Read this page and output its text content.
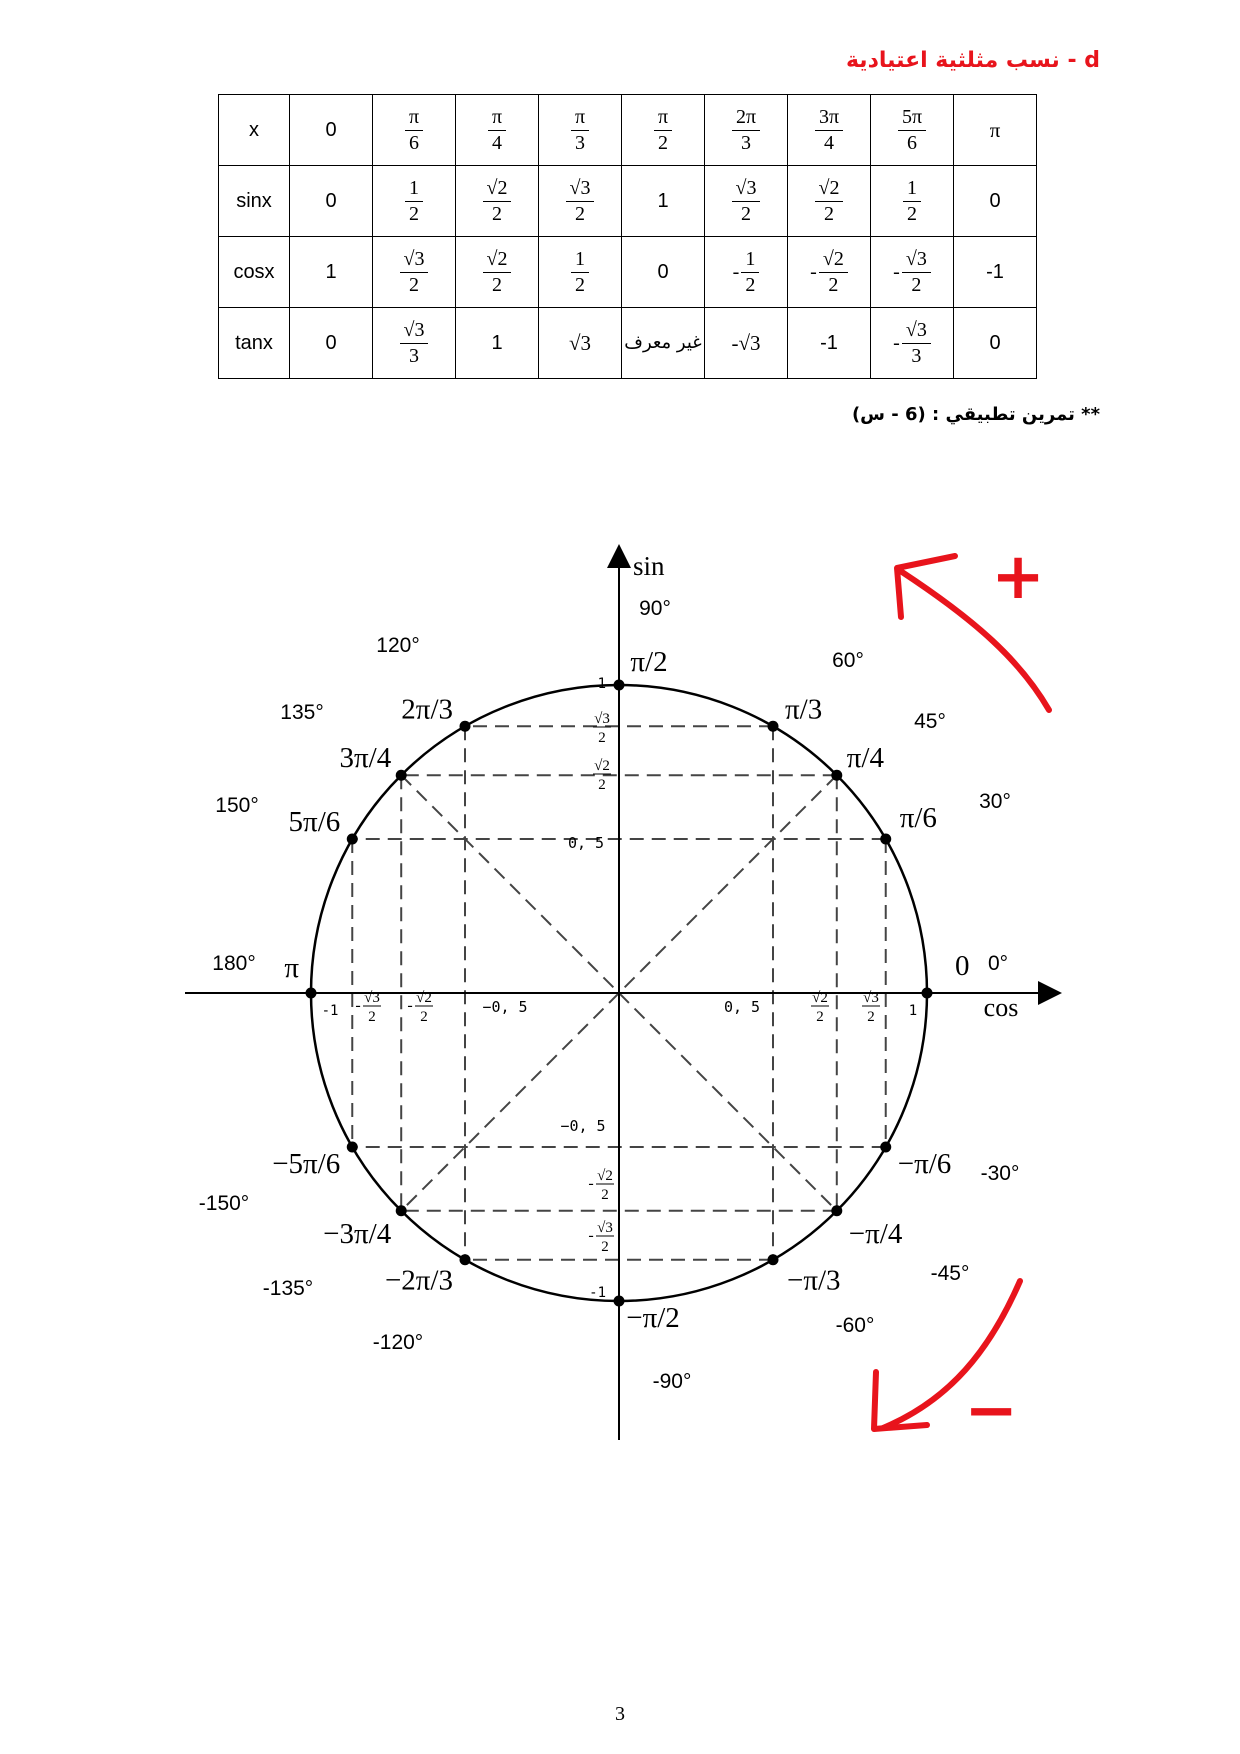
d - نسب مثلثية اعتيادية
x	0	$\frac{\pi}{6}$	$\frac{\pi}{4}$	$\frac{\pi}{3}$	$\frac{\pi}{2}$	$\frac{2\pi}{3}$	$\frac{3\pi}{4}$	$\frac{5\pi}{6}$	π
sinx	0	$\frac{1}{2}$	$\frac{√2}{2}$	$\frac{√3}{2}$	1	$\frac{√3}{2}$	$\frac{√2}{2}$	$\frac{1}{2}$	0
cosx	1	$\frac{√3}{2}$	$\frac{√2}{2}$	$\frac{1}{2}$	0	- $\frac{1}{2}$	- $\frac{√2}{2}$	- $\frac{√3}{2}$	-1
tanx	0	$\frac{√3}{3}$	1	√3	غير معرف	-√3	-1	- $\frac{√3}{3}$	0
** تمرين تطبيقي : (6 - س)
0 0°
π/6
30°
π/4
45°
π/3
60°
π/2
90°
2π/3
120°
3π/4
135°
5π/6
150°
π
180°
−5π/6
-150°
−3π/4
-135° −2π/3
-120°
−π/2
-90°
−π/3
-60°
−π/4
-45°
−π/6 -30°
sin
cos
1
-1
1
-1
0, 5
−0, 5
0, 5
−0, 5
√3
2
√2
2
- √2
2
- √3
2
√2
2
√3
2
- √3
2
- √2
2
+
−
3
